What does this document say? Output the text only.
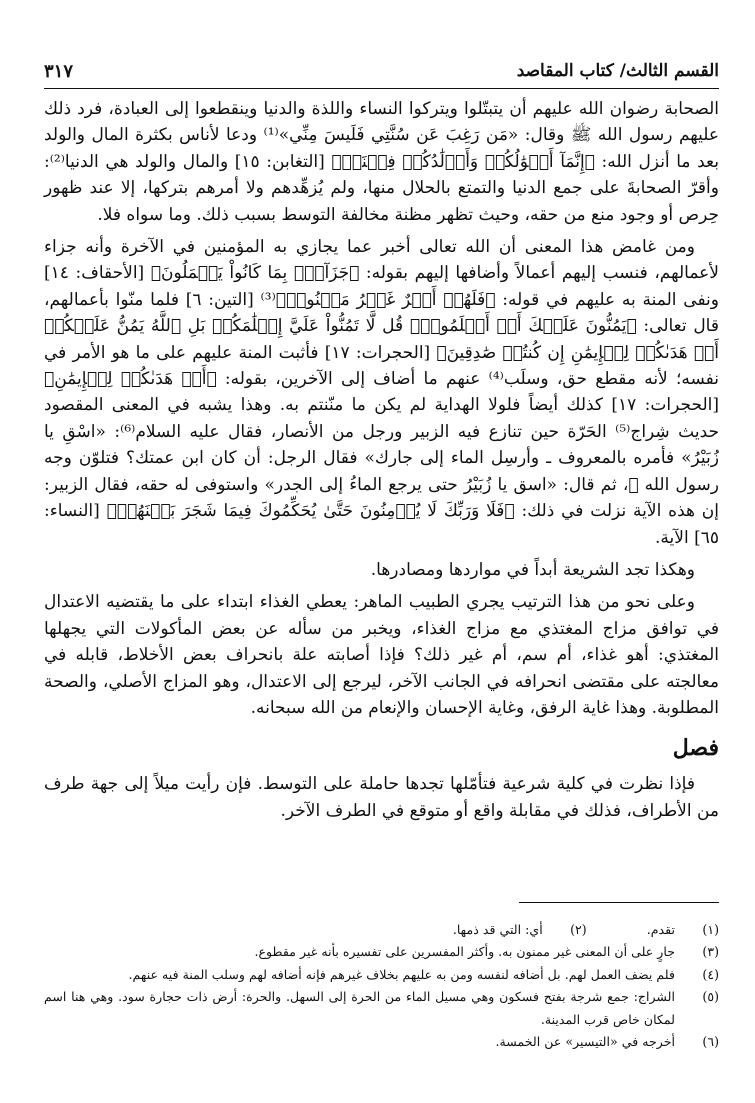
القسم الثالث/ كتاب المقاصد
٣١٧

الصحابة رضوان الله عليهم أن يتبتّلوا ويتركوا النساء واللذة والدنيا وينقطعوا إلى العبادة، فرد ذلك عليهم رسول الله ﷺ وقال: «مَن رَغِبَ عَن سُنَّتِي فَلَيسَ مِنِّي»⁽¹⁾ ودعا لأناس بكثرة المال والولد بعد ما أنزل الله: ﴿إِنَّمَآ أَمۡوَٰلُكُمۡ وَأَوۡلَٰدُكُمۡ فِتۡنَةٞ﴾ [التغابن: ١٥] والمال والولد هي الدنيا⁽²⁾: وأقرّ الصحابةَ على جمع الدنيا والتمتع بالحلال منها، ولم يُزهِّدهم ولا أمرهم بتركها، إلا عند ظهور حِرص أو وجود منع من حقه، وحيث تظهر مظنة مخالفة التوسط بسبب ذلك. وما سواه فلا.

ومن غامض هذا المعنى أن الله تعالى أخبر عما يجازي به المؤمنين في الآخرة وأنه جزاء لأعمالهم، فنسب إليهم أعمالاً وأضافها إليهم بقوله: ﴿جَزَآءَۢ بِمَا كَانُواْ يَعۡمَلُونَ﴾ [الأحقاف: ١٤] ونفى المنة به عليهم في قوله: ﴿فَلَهُمۡ أَجۡرٌ غَيۡرُ مَمۡنُونٖ﴾⁽³⁾ [التين: ٦] فلما منّوا بأعمالهم، قال تعالى: ﴿يَمُنُّونَ عَلَيۡكَ أَنۡ أَسۡلَمُواْۖ قُل لَّا تَمُنُّواْ عَلَيَّ إِسۡلَٰمَكُمۖ بَلِ ٱللَّهُ يَمُنُّ عَلَيۡكُمۡ أَنۡ هَدَىٰكُمۡ لِلۡإِيمَٰنِ إِن كُنتُمۡ صَٰدِقِينَ﴾ [الحجرات: ١٧] فأثبت المنة عليهم على ما هو الأمر في نفسه؛ لأنه مقطع حق، وسلَب⁽⁴⁾ عنهم ما أضاف إلى الآخرين، بقوله: ﴿أَنۡ هَدَىٰكُمۡ لِلۡإِيمَٰنِ﴾ [الحجرات: ١٧] كذلك أيضاً فلولا الهداية لم يكن ما منّنتم به. وهذا يشبه في المعنى المقصود حديث شِراج⁽⁵⁾ الحَرّة حين تنازع فيه الزبير ورجل من الأنصار، فقال عليه السلام⁽⁶⁾: «اسْقِ يا زُبَيْرُ» فأمره بالمعروف ـ وأرسِل الماء إلى جارك» فقال الرجل: أن كان ابن عمتك؟ فتلوّن وجه رسول الله ﷺ، ثم قال: «اسق يا زُبَيْرُ حتى يرجع الماءُ إلى الجدر» واستوفى له حقه، فقال الزبير: إن هذه الآية نزلت في ذلك: ﴿فَلَا وَرَبِّكَ لَا يُؤۡمِنُونَ حَتَّىٰ يُحَكِّمُوكَ فِيمَا شَجَرَ بَيۡنَهُمۡ﴾ [النساء: ٦٥] الآية.

وهكذا تجد الشريعة أبداً في مواردها ومصادرها.

وعلى نحو من هذا الترتيب يجري الطبيب الماهر: يعطي الغذاء ابتداء على ما يقتضيه الاعتدال في توافق مزاج المغتذي مع مزاج الغذاء، ويخبر من سأله عن بعض المأكولات التي يجهلها المغتذي: أهو غذاء، أم سم، أم غير ذلك؟ فإذا أصابته علة بانحراف بعض الأخلاط، قابله في معالجته على مقتضى انحرافه في الجانب الآخر، ليرجع إلى الاعتدال، وهو المزاج الأصلي، والصحة المطلوبة. وهذا غاية الرفق، وغاية الإحسان والإنعام من الله سبحانه.

فصل

فإذا نظرت في كلية شرعية فتأمّلها تجدها حاملة على التوسط. فإن رأيت ميلاً إلى جهة طرف من الأطراف، فذلك في مقابلة واقع أو متوقع في الطرف الآخر.

(١)
تقدم.
(٢)
أي: التي قد ذمها.
(٣)
جارٍ على أن المعنى غير ممنون به. وأكثر المفسرين على تفسيره بأنه غير مقطوع.
(٤)
فلم يضف العمل لهم. بل أضافه لنفسه ومن به عليهم بخلاف غيرهم فإنه أضافه لهم وسلب المنة فيه عنهم.
(٥)
الشراج: جمع شرجة بفتح فسكون وهي مسيل الماء من الحرة إلى السهل. والحرة: أرض ذات حجارة سود. وهي هنا اسم لمكان خاص قرب المدينة.
(٦)
أخرجه في «التيسير» عن الخمسة.
